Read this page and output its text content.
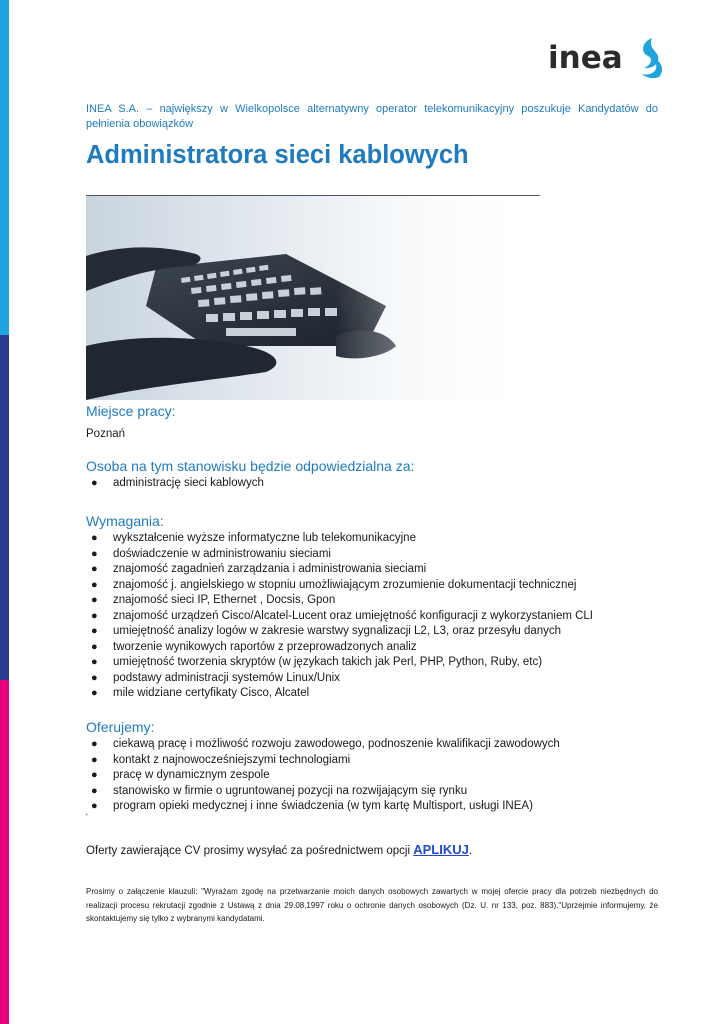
inea
INEA S.A. – największy w Wielkopolsce alternatywny operator telekomunikacyjny poszukuje Kandydatów do pełnienia obowiązków
Administratora sieci kablowych
Miejsce pracy:

Poznań

Osoba na tym stanowisku będzie odpowiedzialna za:
● administrację sieci kablowych
Wymagania:
● wykształcenie wyższe informatyczne lub telekomunikacyjne
● doświadczenie w administrowaniu sieciami
● znajomość zagadnień zarządzania i administrowania sieciami
● znajomość j. angielskiego w stopniu umożliwiającym zrozumienie dokumentacji technicznej
● znajomość sieci IP, Ethernet , Docsis, Gpon
● znajomość urządzeń Cisco/Alcatel-Lucent oraz umiejętność konfiguracji z wykorzystaniem CLI
● umiejętność analizy logów w zakresie warstwy sygnalizacji L2, L3, oraz przesyłu danych
● tworzenie wynikowych raportów z przeprowadzonych analiz
● umiejętność tworzenia skryptów (w językach takich jak Perl, PHP, Python, Ruby, etc)
● podstawy administracji systemów Linux/Unix
● mile widziane certyfikaty Cisco, Alcatel
Oferujemy:
● ciekawą pracę i możliwość rozwoju zawodowego, podnoszenie kwalifikacji zawodowych
● kontakt z najnowocześniejszymi technologiami
● pracę w dynamicznym zespole
● stanowisko w firmie o ugruntowanej pozycji na rozwijającym się rynku
● program opieki medycznej i inne świadczenia (w tym kartę Multisport, usługi INEA)
'
Oferty zawierające CV prosimy wysyłać za pośrednictwem opcji APLIKUJ.
Prosimy o załączenie klauzuli: "Wyrażam zgodę na przetwarzanie moich danych osobowych zawartych w mojej ofercie pracy dla potrzeb niezbędnych do realizacji procesu rekrutacji zgodnie z Ustawą z dnia 29.08.1997 roku o ochronie danych osobowych (Dz. U. nr 133, poz. 883)."Uprzejmie informujemy, że skontaktujemy się tylko z wybranymi kandydatami.
